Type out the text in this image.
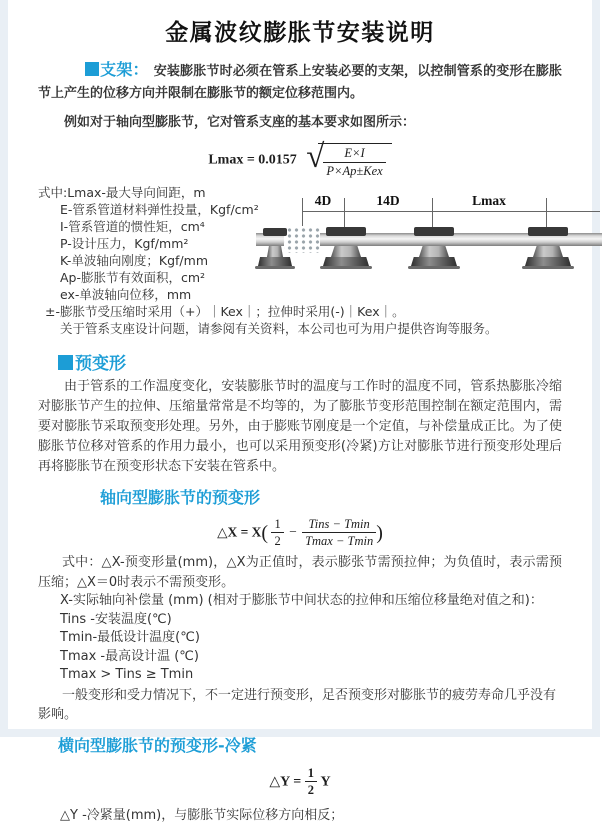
金属波纹膨胀节安装说明

支架： 安装膨胀节时必须在管系上安装必要的支架，以控制管系的变形在膨胀节上产生的位移方向并限制在膨胀节的额定位移范围内。

例如对于轴向型膨胀节，它对管系支座的基本要求如图所示：

Lmax = 0.0157 √ $\frac{E\times I}{\text{P×Ap±Kex}}$

式中:Lmax-最大导向间距，m

E-管系管道材料弹性投量，Kgf/cm²

I-管系管道的惯性矩，cm⁴

P-设计压力，Kgf/mm²

K-单波轴向刚度；Kgf/mm

Ap-膨胀节有效面积，cm²

ex-单波轴向位移，mm

±-膨胀节受压缩时采用（+）｜Kex｜；拉伸时采用(-)｜Kex｜。

关于管系支座设计问题，请参阅有关资料，本公司也可为用户提供咨询等服务。

4D	14D	Lmax
预变形

由于管系的工作温度变化，安装膨胀节时的温度与工作时的温度不同，管系热膨胀冷缩对膨胀节产生的拉伸、压缩量常常是不均等的，为了膨胀节变形范围控制在额定范围内，需要对膨胀节采取预变形处理。另外，由于膨账节刚度是一个定值，与补偿量成正比。为了使膨胀节位移对管系的作用力最小，也可以采用预变形(冷紧)方让对膨胀节进行预变形处理后再将膨胀节在预变形状态下安装在管系中。

轴向型膨胀节的预变形
△X = $X( \frac{1}{2} - \frac{\text{Tins − Tmin}}{Tmax - Tmin}$ )

式中：△X-预变形量(mm)，△X为正值时，表示膨张节需预拉伸；为负值时，表示需预压缩；△X＝0时表示不需预变形。

X-实际轴向补偿量 (mm) (相对于膨胀节中间状态的拉伸和压缩位移量绝对值之和)：

Tins -安装温度(℃)

Tmin-最低设计温度(℃)

Tmax -最高设计温 (℃)

Tmax > Tins ≥ Tmin

一般变形和受力情况下，不一定进行预变形，足否预变形对膨胀节的疲劳寿命几乎没有影响。

横向型膨胀节的预变形-冷紧
△Y = $\frac{1}{2}$ Y

△Y -冷紧量(mm)，与膨胀节实际位移方向相反；
